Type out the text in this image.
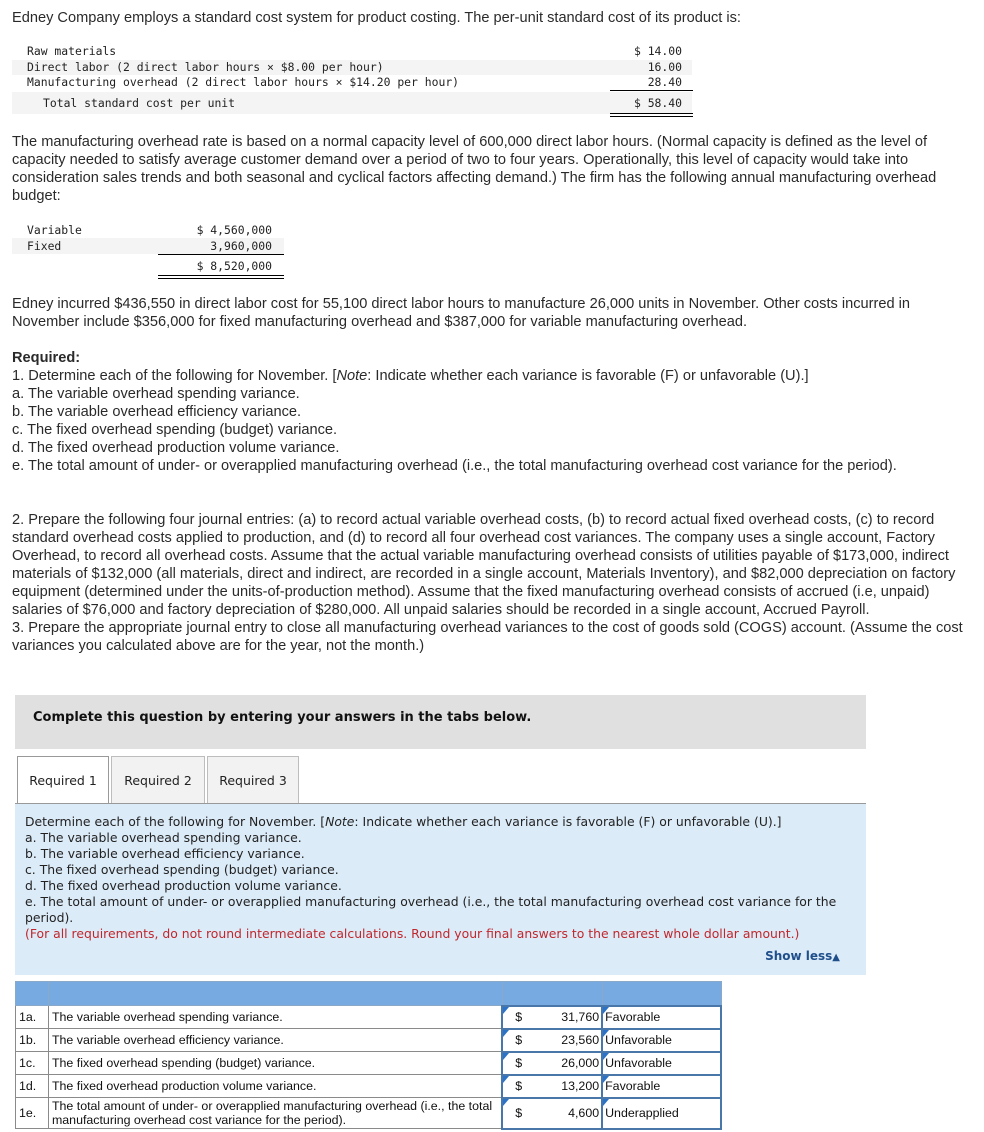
Edney Company employs a standard cost system for product costing. The per-unit standard cost of its product is:

Raw materials	$ 14.00
Direct labor (2 direct labor hours × $8.00 per hour)	16.00
Manufacturing overhead (2 direct labor hours × $14.20 per hour)	28.40
Total standard cost per unit	$ 58.40

The manufacturing overhead rate is based on a normal capacity level of 600,000 direct labor hours. (Normal capacity is defined as the level of capacity needed to satisfy average customer demand over a period of two to four years. Operationally, this level of capacity would take into consideration sales trends and both seasonal and cyclical factors affecting demand.) The firm has the following annual manufacturing overhead budget:

Variable	$ 4,560,000
Fixed	3,960,000
$ 8,520,000

Edney incurred $436,550 in direct labor cost for 55,100 direct labor hours to manufacture 26,000 units in November. Other costs incurred in November include $356,000 for fixed manufacturing overhead and $387,000 for variable manufacturing overhead.

Required:

1. Determine each of the following for November. [Note: Indicate whether each variance is favorable (F) or unfavorable (U).]

a. The variable overhead spending variance.

b. The variable overhead efficiency variance.

c. The fixed overhead spending (budget) variance.

d. The fixed overhead production volume variance.

e. The total amount of under- or overapplied manufacturing overhead (i.e., the total manufacturing overhead cost variance for the period).

2. Prepare the following four journal entries: (a) to record actual variable overhead costs, (b) to record actual fixed overhead costs, (c) to record standard overhead costs applied to production, and (d) to record all four overhead cost variances. The company uses a single account, Factory Overhead, to record all overhead costs. Assume that the actual variable manufacturing overhead consists of utilities payable of $173,000, indirect materials of $132,000 (all materials, direct and indirect, are recorded in a single account, Materials Inventory), and $82,000 depreciation on factory equipment (determined under the units-of-production method). Assume that the fixed manufacturing overhead consists of accrued (i.e, unpaid) salaries of $76,000 and factory depreciation of $280,000. All unpaid salaries should be recorded in a single account, Accrued Payroll.

3. Prepare the appropriate journal entry to close all manufacturing overhead variances to the cost of goods sold (COGS) account. (Assume the cost variances you calculated above are for the year, not the month.)

Complete this question by entering your answers in the tabs below.
Required 1 Required 2 Required 3

Determine each of the following for November. [Note: Indicate whether each variance is favorable (F) or unfavorable (U).]

a. The variable overhead spending variance.

b. The variable overhead efficiency variance.

c. The fixed overhead spending (budget) variance.

d. The fixed overhead production volume variance.

e. The total amount of under- or overapplied manufacturing overhead (i.e., the total manufacturing overhead cost variance for the period).

(For all requirements, do not round intermediate calculations. Round your final answers to the nearest whole dollar amount.)

Show less▲

1a.	The variable overhead spending variance.	$ 31,760	Favorable
1b.	The variable overhead efficiency variance.	$ 23,560	Unfavorable
1c.	The fixed overhead spending (budget) variance.	$ 26,000	Unfavorable
1d.	The fixed overhead production volume variance.	$ 13,200	Favorable
1e.	The total amount of under- or overapplied manufacturing overhead (i.e., the total manufacturing overhead cost variance for the period).	$ 4,600	Underapplied
